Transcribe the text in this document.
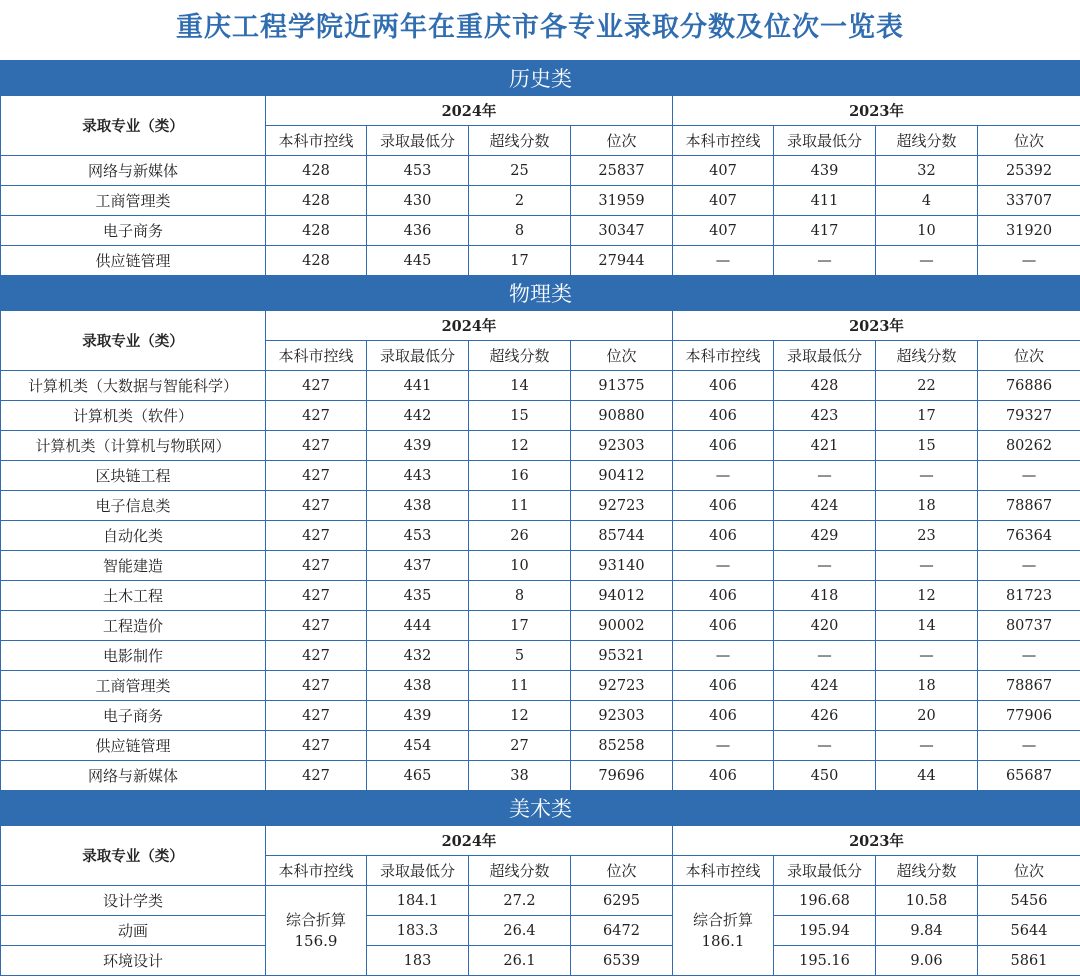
重庆工程学院近两年在重庆市各专业录取分数及位次一览表
历史类								
录取专业（类）	2024年				2023年			
	本科市控线	录取最低分	超线分数	位次	本科市控线	录取最低分	超线分数	位次
网络与新媒体	428	453	25	25837	407	439	32	25392
工商管理类	428	430	2	31959	407	411	4	33707
电子商务	428	436	8	30347	407	417	10	31920
供应链管理	428	445	17	27944	—	—	—	—
物理类								
录取专业（类）	2024年				2023年			
	本科市控线	录取最低分	超线分数	位次	本科市控线	录取最低分	超线分数	位次
计算机类（大数据与智能科学）	427	441	14	91375	406	428	22	76886
计算机类（软件）	427	442	15	90880	406	423	17	79327
计算机类（计算机与物联网）	427	439	12	92303	406	421	15	80262
区块链工程	427	443	16	90412	—	—	—	—
电子信息类	427	438	11	92723	406	424	18	78867
自动化类	427	453	26	85744	406	429	23	76364
智能建造	427	437	10	93140	—	—	—	—
土木工程	427	435	8	94012	406	418	12	81723
工程造价	427	444	17	90002	406	420	14	80737
电影制作	427	432	5	95321	—	—	—	—
工商管理类	427	438	11	92723	406	424	18	78867
电子商务	427	439	12	92303	406	426	20	77906
供应链管理	427	454	27	85258	—	—	—	—
网络与新媒体	427	465	38	79696	406	450	44	65687
美术类								
录取专业（类）	2024年				2023年			
	本科市控线	录取最低分	超线分数	位次	本科市控线	录取最低分	超线分数	位次
设计学类	综合折算156.9	184.1	27.2	6295	综合折算186.1	196.68	10.58	5456
动画		183.3	26.4	6472		195.94	9.84	5644
环境设计		183	26.1	6539		195.16	9.06	5861
